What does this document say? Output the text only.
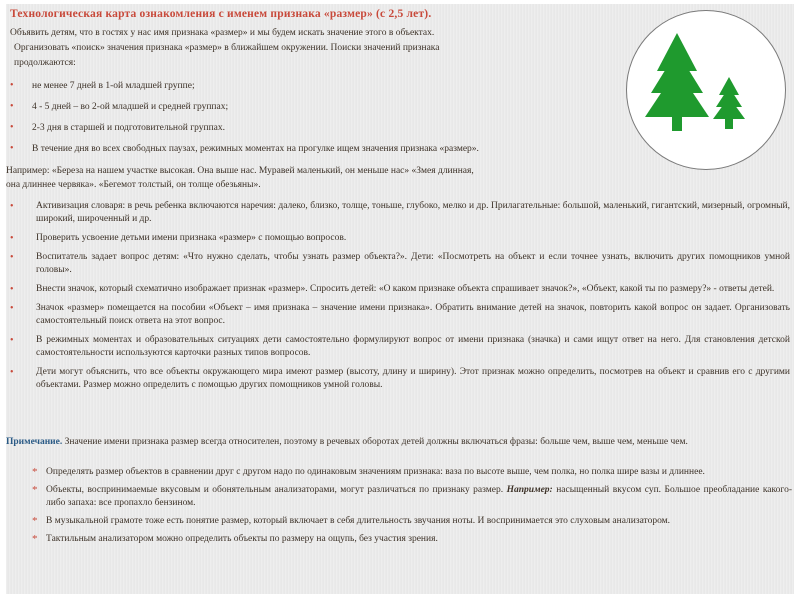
Технологическая карта ознакомления с именем признака «размер» (с 2,5 лет).

Объявить детям, что в гостях у нас имя признака «размер» и мы будем искать значение этого в объектах.

Организовать «поиск» значения признака «размер» в ближайшем окружении. Поиски значений признака

продолжаются:

• не менее 7 дней в 1-ой младшей группе;
• 4 - 5 дней – во 2-ой младшей и средней группах;
• 2-3 дня в старшей и подготовительной группах.
• В течение дня во всех свободных паузах, режимных моментах на прогулке ищем значения признака «размер».

Например: «Береза на нашем участке высокая. Она выше нас. Муравей маленький, он меньше нас» «Змея длинная,

она длиннее червяка». «Бегемот толстый, он толще обезьяны».

• Активизация словаря: в речь ребенка включаются наречия: далеко, близко, толще, тоньше, глубоко, мелко и др. Прилагательные: большой, маленький, гигантский, мизерный, огромный, широкий, широченный и др.
• Проверить усвоение детьми имени признака «размер» с помощью вопросов.
• Воспитатель задает вопрос детям: «Что нужно сделать, чтобы узнать размер объекта?». Дети: «Посмотреть на объект и если точнее узнать, включить других помощников умной головы».
• Внести значок, который схематично изображает признак «размер». Спросить детей: «О каком признаке объекта спрашивает значок?», «Объект, какой ты по размеру?» - ответы детей.
• Значок «размер» помещается на пособии «Объект – имя признака – значение имени признака». Обратить внимание детей на значок, повторить какой вопрос он задает. Организовать самостоятельный поиск ответа на этот вопрос.
• В режимных моментах и образовательных ситуациях дети самостоятельно формулируют вопрос от имени признака (значка) и сами ищут ответ на него. Для становления детской самостоятельности используются карточки разных типов вопросов.
• Дети могут объяснить, что все объекты окружающего мира имеют размер (высоту, длину и ширину). Этот признак можно определить, посмотрев на объект и сравнив его с другими объектами. Размер можно определить с помощью других помощников умной головы.

Примечание. Значение имени признака размер всегда относителен, поэтому в речевых оборотах детей должны включаться фразы: больше чем, выше чем, меньше чем.

* Определять размер объектов в сравнении друг с другом надо по одинаковым значениям признака: ваза по высоте выше, чем полка, но полка шире вазы и длиннее.
* Объекты, воспринимаемые вкусовым и обонятельным анализаторами, могут различаться по признаку размер. Например: насыщенный вкусом суп. Большое преобладание какого-либо запаха: все пропахло бензином.
* В музыкальной грамоте тоже есть понятие размер, который включает в себя длительность звучания ноты. И воспринимается это слуховым анализатором.
* Тактильным анализатором можно определить объекты по размеру на ощупь, без участия зрения.
